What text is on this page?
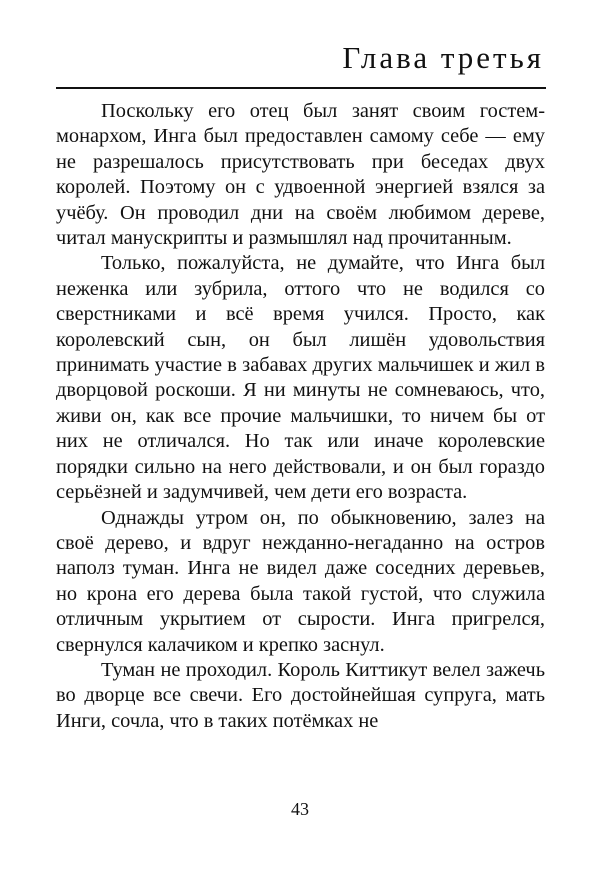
Глава третья

Поскольку его отец был занят своим гостем-монархом, Инга был предоставлен самому себе — ему не разрешалось присутствовать при беседах двух королей. Поэтому он с удвоенной энергией взялся за учёбу. Он проводил дни на своём любимом дереве, читал манускрипты и размышлял над прочитанным.

Только, пожалуйста, не думайте, что Инга был неженка или зубрила, оттого что не водился со сверстниками и всё время учился. Просто, как королевский сын, он был лишён удовольствия принимать участие в забавах других мальчишек и жил в дворцовой роскоши. Я ни минуты не сомневаюсь, что, живи он, как все прочие мальчишки, то ничем бы от них не отличался. Но так или иначе королевские порядки сильно на него действовали, и он был гораздо серьёзней и задумчивей, чем дети его возраста.

Однажды утром он, по обыкновению, залез на своё дерево, и вдруг нежданно-негаданно на остров наполз туман. Инга не видел даже соседних деревьев, но крона его дерева была такой густой, что служила отличным укрытием от сырости. Инга пригрелся, свернулся калачиком и крепко заснул.

Туман не проходил. Король Киттикут велел зажечь во дворце все свечи. Его достойнейшая супруга, мать Инги, сочла, что в таких потёмках не

43
